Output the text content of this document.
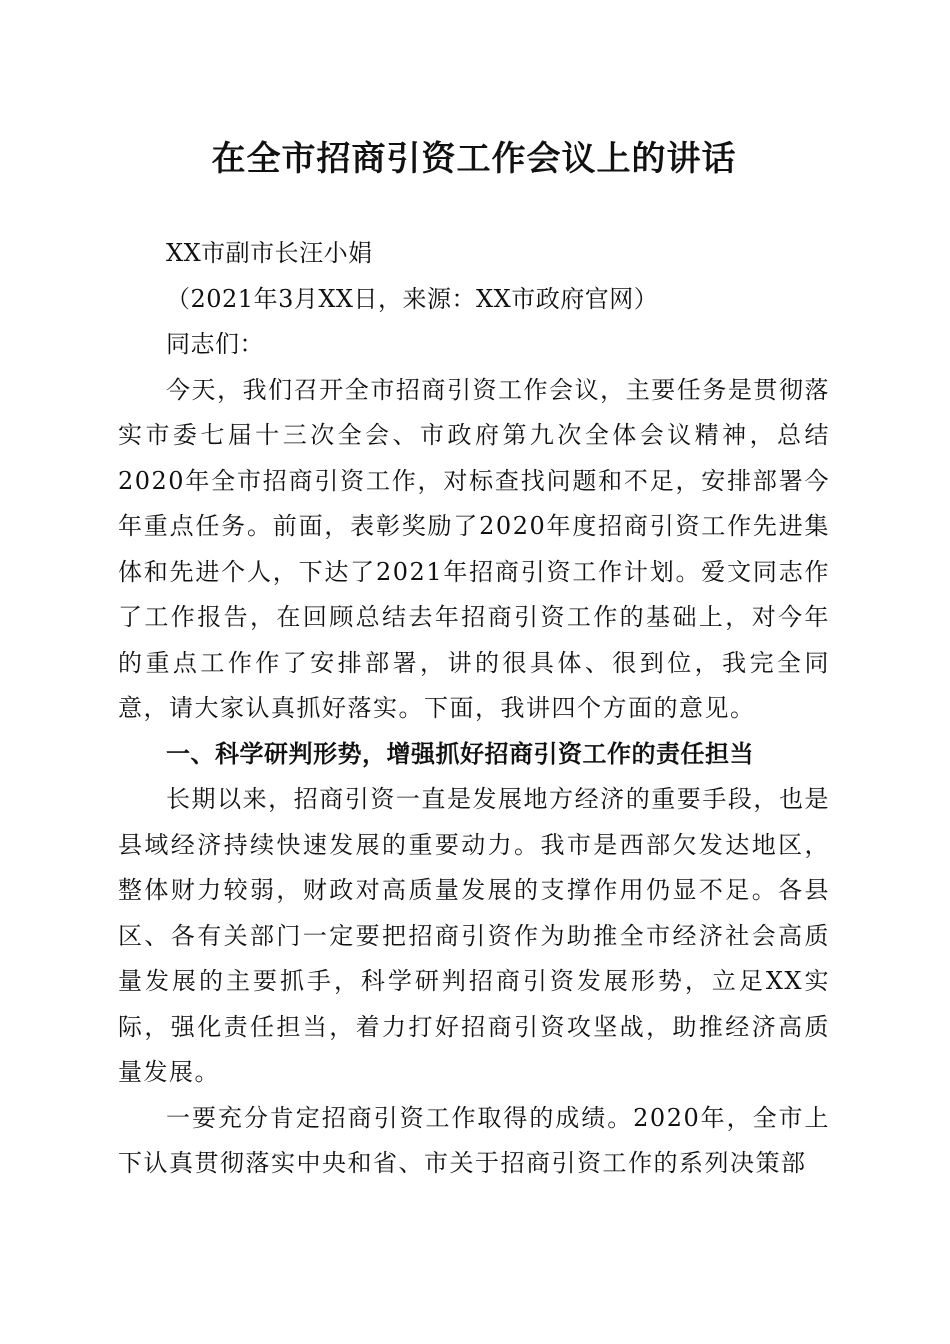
在全市招商引资工作会议上的讲话

XX市副市长汪小娟

（2021年3月XX日，来源：XX市政府官网）

同志们：

今天，我们召开全市招商引资工作会议，主要任务是贯彻落实市委七届十三次全会、市政府第九次全体会议精神，总结2020年全市招商引资工作，对标查找问题和不足，安排部署今年重点任务。前面，表彰奖励了2020年度招商引资工作先进集体和先进个人，下达了2021年招商引资工作计划。爱文同志作了工作报告，在回顾总结去年招商引资工作的基础上，对今年的重点工作作了安排部署，讲的很具体、很到位，我完全同意，请大家认真抓好落实。下面，我讲四个方面的意见。

一、科学研判形势，增强抓好招商引资工作的责任担当

长期以来，招商引资一直是发展地方经济的重要手段，也是县域经济持续快速发展的重要动力。我市是西部欠发达地区，整体财力较弱，财政对高质量发展的支撑作用仍显不足。各县区、各有关部门一定要把招商引资作为助推全市经济社会高质量发展的主要抓手，科学研判招商引资发展形势，立足XX实际，强化责任担当，着力打好招商引资攻坚战，助推经济高质量发展。

一要充分肯定招商引资工作取得的成绩。2020年，全市上下认真贯彻落实中央和省、市关于招商引资工作的系列决策部
